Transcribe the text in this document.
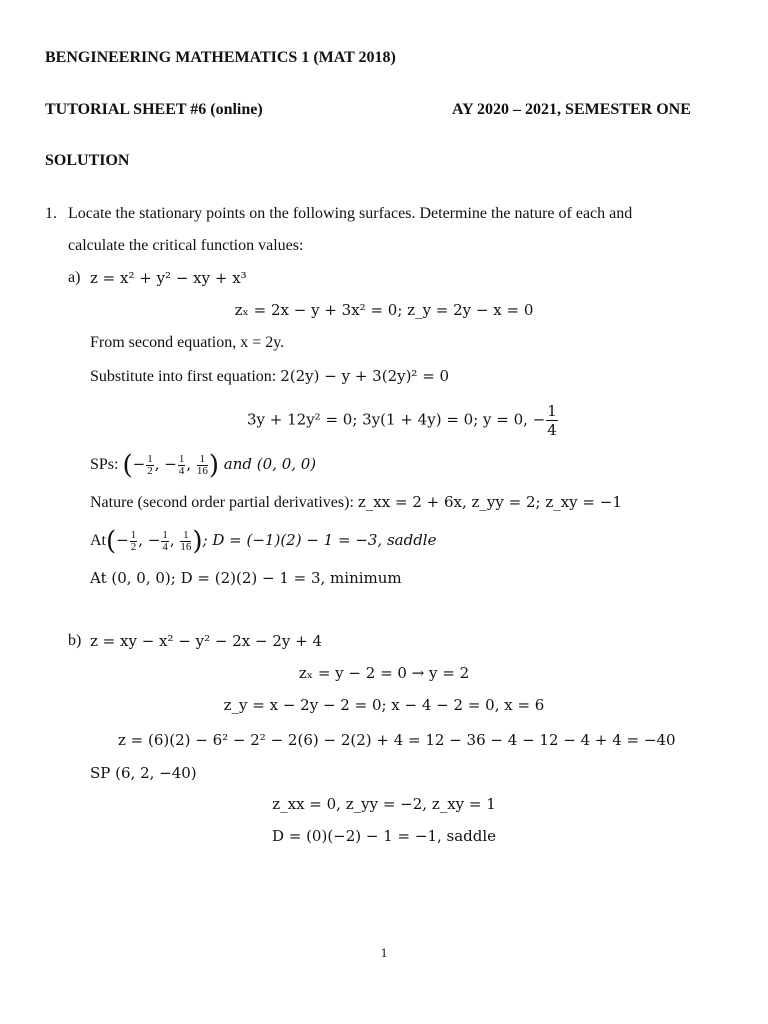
BENGINEERING MATHEMATICS 1 (MAT 2018)
TUTORIAL SHEET #6 (online)	AY 2020 – 2021, SEMESTER ONE
SOLUTION
1. Locate the stationary points on the following surfaces. Determine the nature of each and
calculate the critical function values:
a) z = x² + y² − xy + x³
zₓ = 2x − y + 3x² = 0; z_y = 2y − x = 0
From second equation, x = 2y.
Substitute into first equation: 2(2y) − y + 3(2y)² = 0
3y + 12y² = 0; 3y(1 + 4y) = 0; y = 0, − $\frac{1}{4}$
SPs: (− $\frac{1}{2}$ , − $\frac{1}{4}$ , $\frac{1}{16}$ ) and (0, 0, 0)
Nature (second order partial derivatives): z_xx = 2 + 6x, z_yy = 2; z_xy = −1
$At(- \frac{1}{2}$ , − $\frac{1}{4}$ , $\frac{1}{16}$ ); D = (−1)(2) − 1 = −3, saddle
At (0, 0, 0); D = (2)(2) − 1 = 3, minimum
b) z = xy − x² − y² − 2x − 2y + 4
zₓ = y − 2 = 0 → y = 2
z_y = x − 2y − 2 = 0; x − 4 − 2 = 0, x = 6
z = (6)(2) − 6² − 2² − 2(6) − 2(2) + 4 = 12 − 36 − 4 − 12 − 4 + 4 = −40
SP (6, 2, −40)
z_xx = 0, z_yy = −2, z_xy = 1
D = (0)(−2) − 1 = −1, saddle
1
